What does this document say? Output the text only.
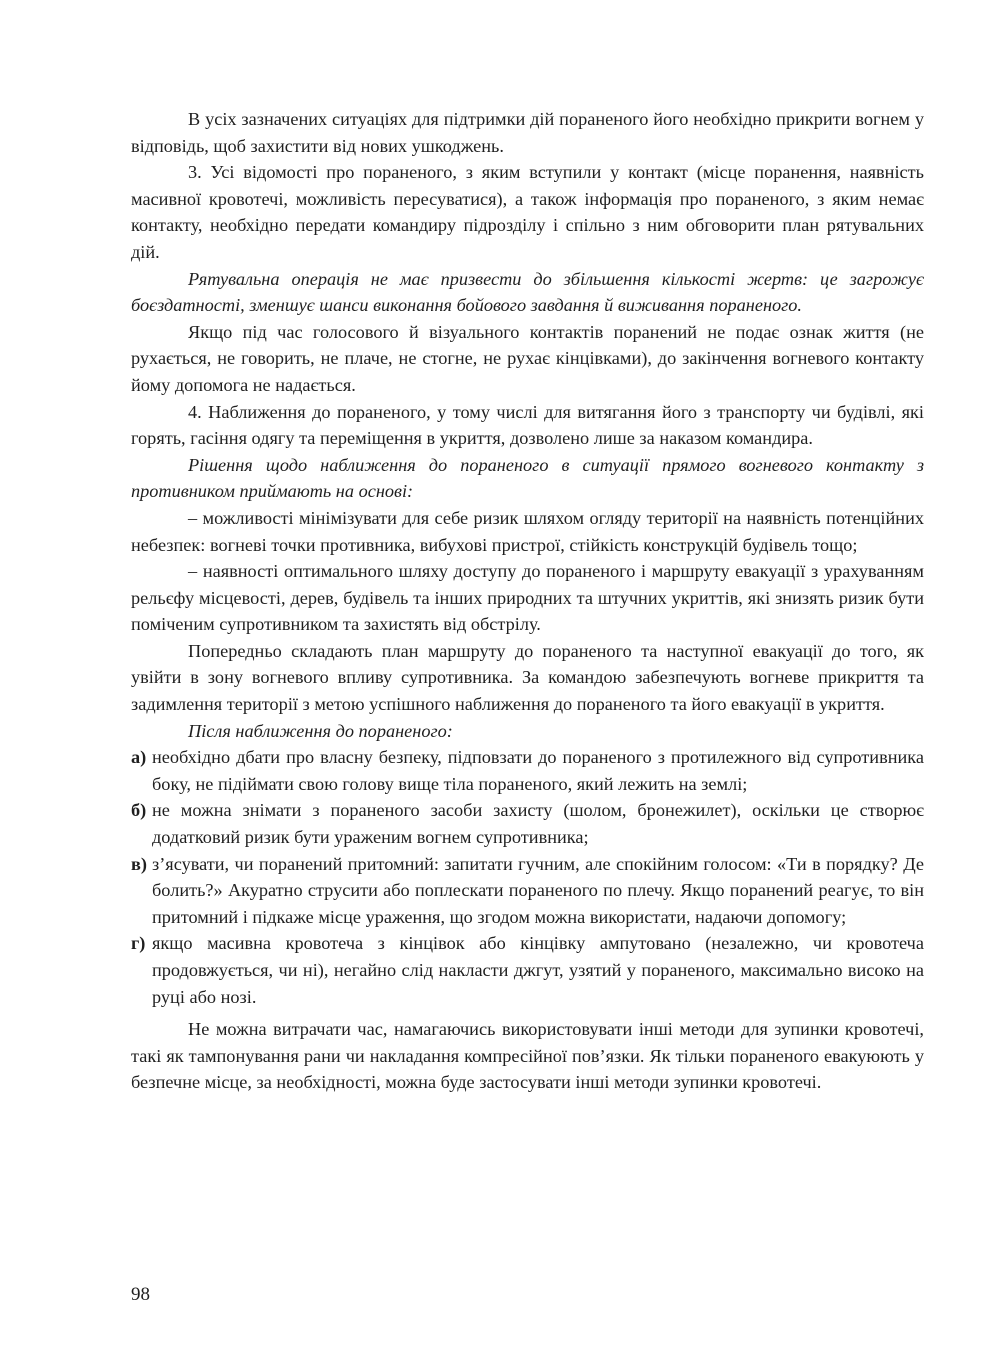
В усіх зазначених ситуаціях для підтримки дій пораненого його необхідно прикрити вогнем у відповідь, щоб захистити від нових ушкоджень.

3. Усі відомості про пораненого, з яким вступили у контакт (місце поранення, наявність масивної кровотечі, можливість пересуватися), а також інформація про пораненого, з яким немає контакту, необхідно передати командиру підрозділу і спільно з ним обговорити план рятувальних дій.

Рятувальна операція не має призвести до збільшення кількості жертв: це загрожує боєздатності, зменшує шанси виконання бойового завдання й виживання пораненого.

Якщо під час голосового й візуального контактів поранений не подає ознак життя (не рухається, не говорить, не плаче, не стогне, не рухає кінцівками), до закінчення вогневого контакту йому допомога не надається.

4. Наближення до пораненого, у тому числі для витягання його з транспорту чи будівлі, які горять, гасіння одягу та переміщення в укриття, дозволено лише за наказом командира.

Рішення щодо наближення до пораненого в ситуації прямого вогневого контакту з противником приймають на основі:

– можливості мінімізувати для себе ризик шляхом огляду території на наявність потенційних небезпек: вогневі точки противника, вибухові пристрої, стійкість конструкцій будівель тощо;

– наявності оптимального шляху доступу до пораненого і маршруту евакуації з урахуванням рельєфу місцевості, дерев, будівель та інших природних та штучних укриттів, які знизять ризик бути поміченим супротивником та захистять від обстрілу.

Попередньо складають план маршруту до пораненого та наступної евакуації до того, як увійти в зону вогневого впливу супротивника. За командою забезпечують вогневе прикриття та задимлення території з метою успішного наближення до пораненого та його евакуації в укриття.

Після наближення до пораненого:

а) необхідно дбати про власну безпеку, підповзати до пораненого з протилежного від супротивника боку, не підіймати свою голову вище тіла пораненого, який лежить на землі;

б) не можна знімати з пораненого засоби захисту (шолом, бронежилет), оскільки це створює додатковий ризик бути ураженим вогнем супротивника;

в) з’ясувати, чи поранений притомний: запитати гучним, але спокійним голосом: «Ти в порядку? Де болить?» Акуратно струсити або поплескати пораненого по плечу. Якщо поранений реагує, то він притомний і підкаже місце ураження, що згодом можна використати, надаючи допомогу;

г) якщо масивна кровотеча з кінцівок або кінцівку ампутовано (незалежно, чи кровотеча продовжується, чи ні), негайно слід накласти джгут, узятий у пораненого, максимально високо на руці або нозі.

Не можна витрачати час, намагаючись використовувати інші методи для зупинки кровотечі, такі як тампонування рани чи накладання компресійної пов’язки. Як тільки пораненого евакуюють у безпечне місце, за необхідності, можна буде застосувати інші методи зупинки кровотечі.

98
